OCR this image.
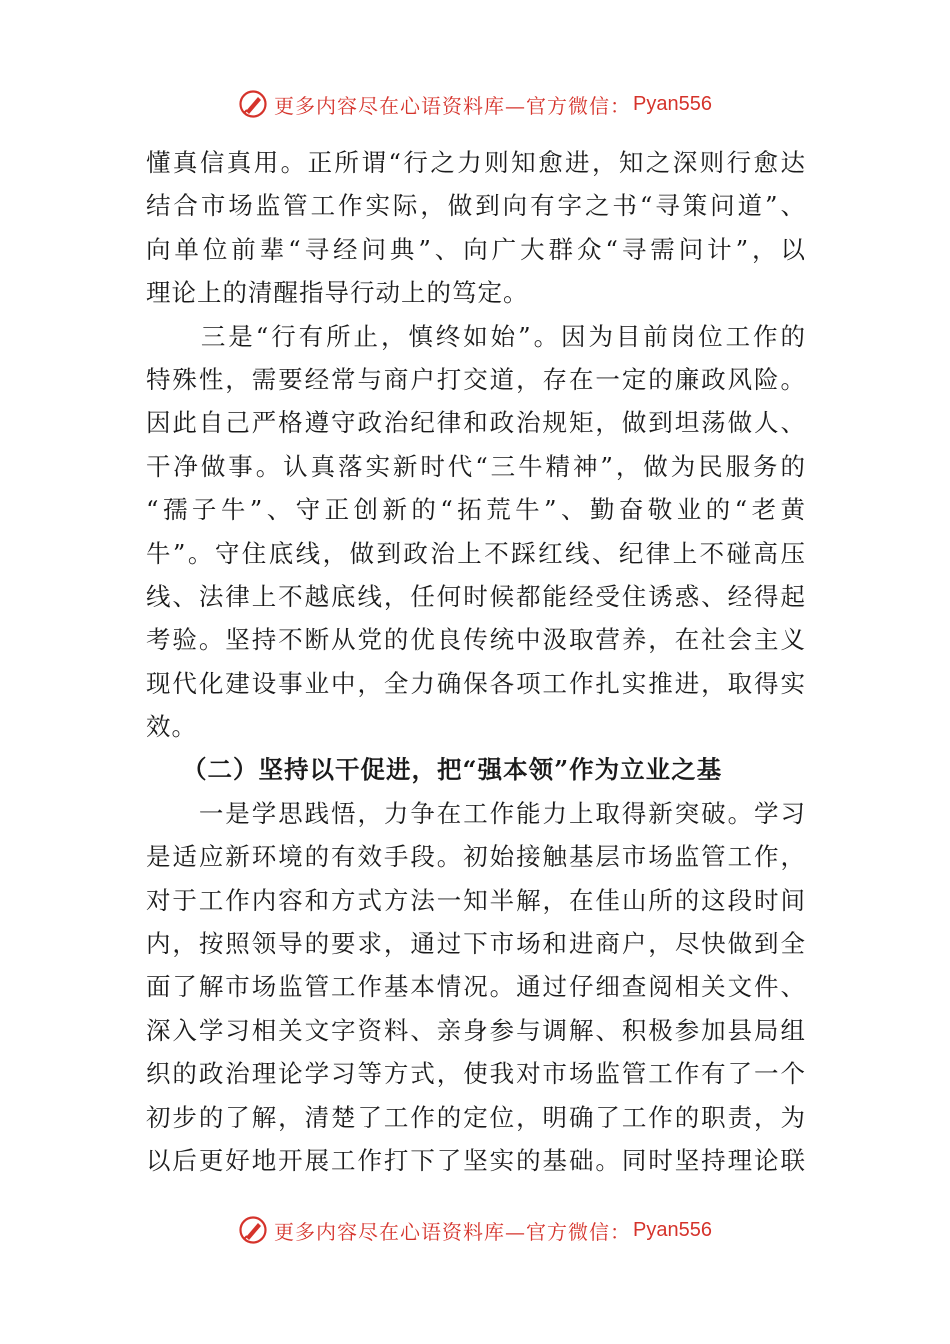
更多内容尽在心语资料库—官方微信： Pyan556
懂真信真用。正所谓“行之力则知愈进，知之深则行愈达
结合市场监管工作实际，做到向有字之书“寻策问道”、
向单位前辈“寻经问典”、向广大群众“寻需问计”，以
理论上的清醒指导行动上的笃定。
　　三是“行有所止，慎终如始”。因为目前岗位工作的
特殊性，需要经常与商户打交道，存在一定的廉政风险。
因此自己严格遵守政治纪律和政治规矩，做到坦荡做人、
干净做事。认真落实新时代“三牛精神”，做为民服务的
“孺子牛”、守正创新的“拓荒牛”、勤奋敬业的“老黄
牛”。守住底线，做到政治上不踩红线、纪律上不碰高压
线、法律上不越底线，任何时候都能经受住诱惑、经得起
考验。坚持不断从党的优良传统中汲取营养，在社会主义
现代化建设事业中，全力确保各项工作扎实推进，取得实
效。
（二）坚持以干促进，把“强本领”作为立业之基
　　一是学思践悟，力争在工作能力上取得新突破。学习
是适应新环境的有效手段。初始接触基层市场监管工作，
对于工作内容和方式方法一知半解，在佳山所的这段时间
内，按照领导的要求，通过下市场和进商户，尽快做到全
面了解市场监管工作基本情况。通过仔细查阅相关文件、
深入学习相关文字资料、亲身参与调解、积极参加县局组
织的政治理论学习等方式，使我对市场监管工作有了一个
初步的了解，清楚了工作的定位，明确了工作的职责，为
以后更好地开展工作打下了坚实的基础。同时坚持理论联
更多内容尽在心语资料库—官方微信： Pyan556
